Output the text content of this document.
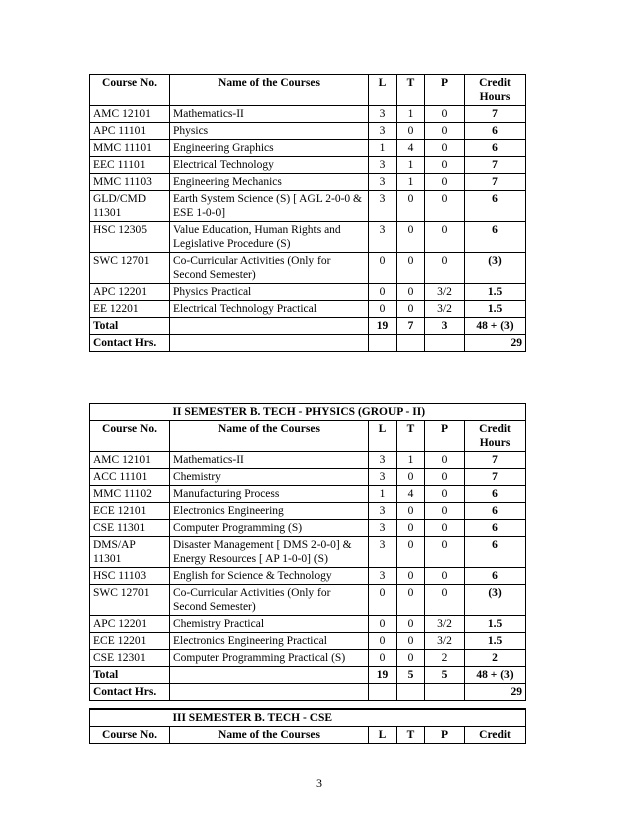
Course No.	Name of the Courses	L	T	P	Credit Hours
AMC 12101	Mathematics-II	3	1	0	7
APC 11101	Physics	3	0	0	6
MMC 11101	Engineering Graphics	1	4	0	6
EEC 11101	Electrical Technology	3	1	0	7
MMC 11103	Engineering Mechanics	3	1	0	7
GLD/CMD 11301	Earth System Science (S) [ AGL 2-0-0 & ESE 1-0-0]	3	0	0	6
HSC 12305	Value Education, Human Rights and Legislative Procedure (S)	3	0	0	6
SWC 12701	Co-Curricular Activities (Only for Second Semester)	0	0	0	(3)
APC 12201	Physics Practical	0	0	3/2	1.5
EE 12201	Electrical Technology Practical	0	0	3/2	1.5
Total		19	7	3	48 + (3)
Contact Hrs.					29
	II SEMESTER B. TECH - PHYSICS (GROUP - II)				
Course No.	Name of the Courses	L	T	P	Credit Hours
AMC 12101	Mathematics-II	3	1	0	7
ACC 11101	Chemistry	3	0	0	7
MMC 11102	Manufacturing Process	1	4	0	6
ECE 12101	Electronics Engineering	3	0	0	6
CSE 11301	Computer Programming (S)	3	0	0	6
DMS/AP 11301	Disaster Management [ DMS 2-0-0] & Energy Resources [ AP 1-0-0] (S)	3	0	0	6
HSC 11103	English for Science & Technology	3	0	0	6
SWC 12701	Co-Curricular Activities (Only for Second Semester)	0	0	0	(3)
APC 12201	Chemistry Practical	0	0	3/2	1.5
ECE 12201	Electronics Engineering Practical	0	0	3/2	1.5
CSE 12301	Computer Programming Practical (S)	0	0	2	2
Total		19	5	5	48 + (3)
Contact Hrs.					29
	III SEMESTER B. TECH - CSE				
Course No.	Name of the Courses	L	T	P	Credit
3
